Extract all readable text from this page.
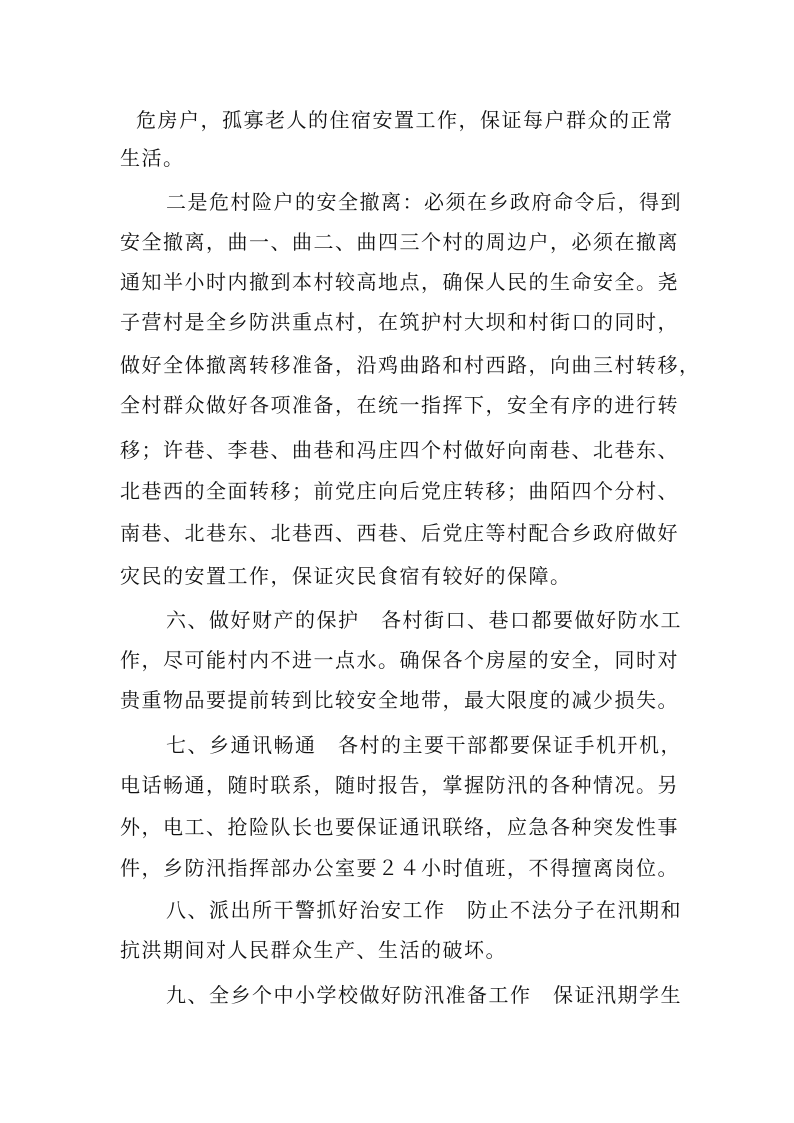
危房户，孤寡老人的住宿安置工作，保证每户群众的正常
生活。
二是危村险户的安全撤离：必须在乡政府命令后，得到
安全撤离，曲一、曲二、曲四三个村的周边户，必须在撤离
通知半小时内撤到本村较高地点，确保人民的生命安全。尧
子营村是全乡防洪重点村，在筑护村大坝和村街口的同时，
做好全体撤离转移准备，沿鸡曲路和村西路，向曲三村转移，
全村群众做好各项准备，在统一指挥下，安全有序的进行转
移；许巷、李巷、曲巷和冯庄四个村做好向南巷、北巷东、
北巷西的全面转移；前党庄向后党庄转移；曲陌四个分村、
南巷、北巷东、北巷西、西巷、后党庄等村配合乡政府做好
灾民的安置工作，保证灾民食宿有较好的保障。
六、做好财产的保护　各村街口、巷口都要做好防水工
作，尽可能村内不进一点水。确保各个房屋的安全，同时对
贵重物品要提前转到比较安全地带，最大限度的减少损失。
七、乡通讯畅通　各村的主要干部都要保证手机开机，
电话畅通，随时联系，随时报告，掌握防汛的各种情况。另
外，电工、抢险队长也要保证通讯联络，应急各种突发性事
件，乡防汛指挥部办公室要２４小时值班，不得擅离岗位。
八、派出所干警抓好治安工作　防止不法分子在汛期和
抗洪期间对人民群众生产、生活的破坏。
九、全乡个中小学校做好防汛准备工作　保证汛期学生
